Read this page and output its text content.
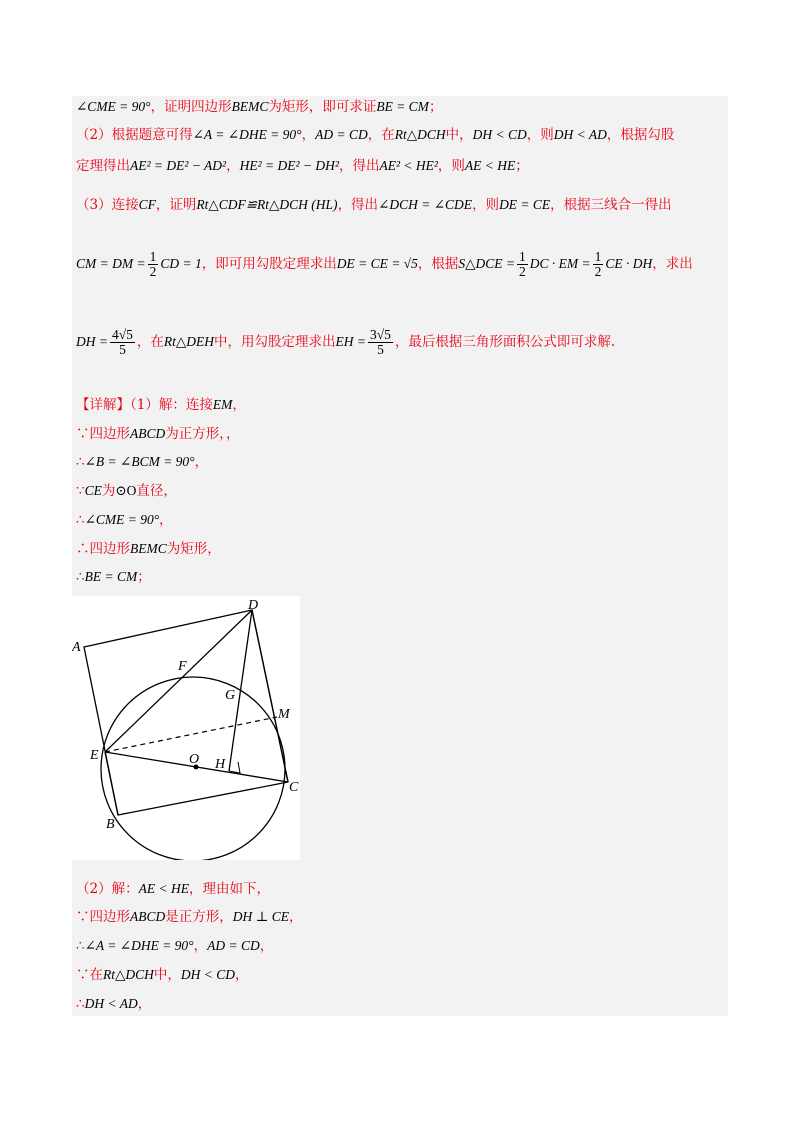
∠CME = 90°，证明四边形BEMC为矩形，即可求证BE = CM；
（2）根据题意可得∠A = ∠DHE = 90°，AD = CD，在Rt△DCH中，DH < CD，则DH < AD，根据勾股
定理得出AE² = DE² − AD²，HE² = DE² − DH²，得出AE² < HE²，则AE < HE；
（3）连接CF，证明Rt△CDF≌Rt△DCH (HL)，得出∠DCH = ∠CDE，则DE = CE，根据三线合一得出
CM = DM = $\frac{1}{2}$ CD = 1，即可用勾股定理求出DE = CE = √5，根据S△DCE = $\frac{1}{2}$ DC · EM = $\frac{1}{2}$ CE · DH，求出
DH = $\frac{4√5}{5}$ ，在Rt△DEH中，用勾股定理求出EH = $\frac{3√5}{5}$ ，最后根据三角形面积公式即可求解.
【详解】（1）解：连接EM，
∵四边形ABCD为正方形，，
∴∠B = ∠BCM = 90°，
∵CE为⊙O直径，
∴∠CME = 90°，
∴四边形BEMC为矩形，
∴BE = CM；
A
D
F
G
M
E	O H
C
B
（2）解：AE < HE，理由如下，
∵四边形ABCD是正方形，DH ⊥ CE，
∴∠A = ∠DHE = 90°，AD = CD，
∵在Rt△DCH中，DH < CD，
∴DH < AD，
